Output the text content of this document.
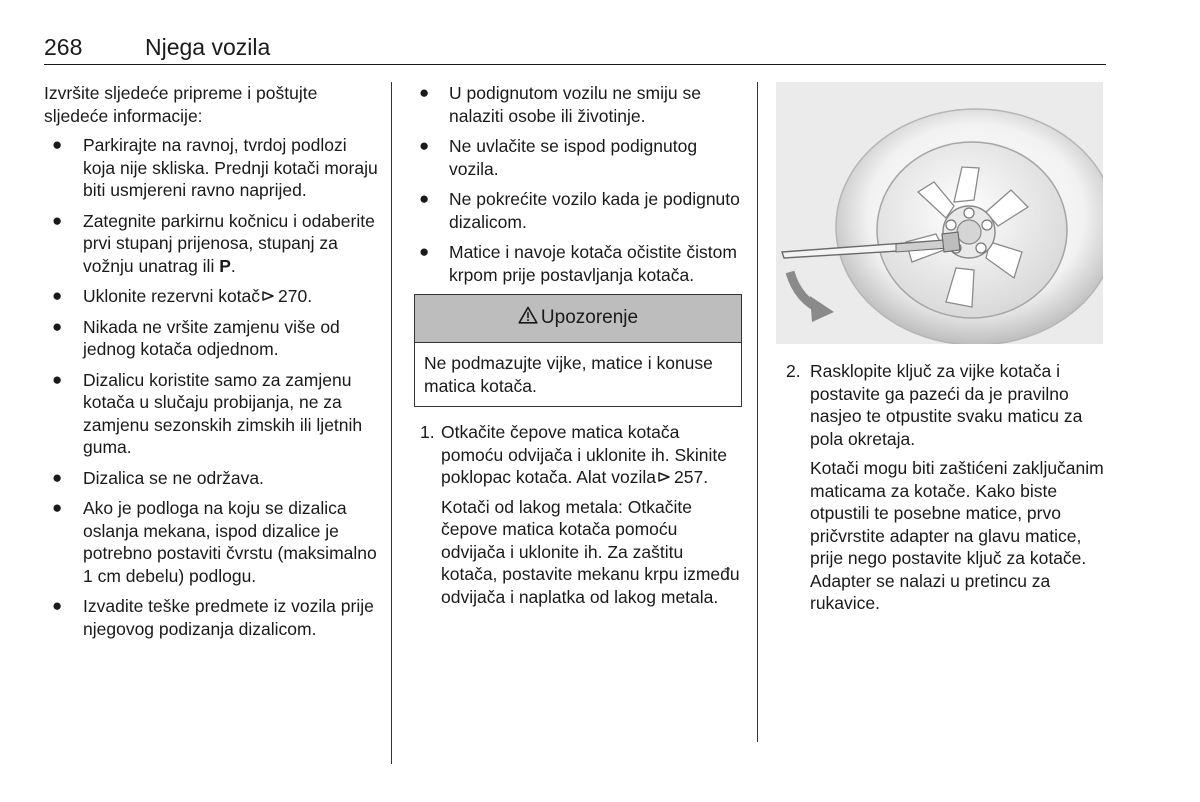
268	Njega vozila

Izvršite sljedeće pripreme i poštujte sljedeće informacije:

● Parkirajte na ravnoj, tvrdoj podlozi koja nije skliska. Prednji kotači moraju biti usmjereni ravno naprijed.
● Zategnite parkirnu kočnicu i odaberite prvi stupanj prijenosa, stupanj za vožnju unatrag ili P.
● Uklonite rezervni kotač 270.
● Nikada ne vršite zamjenu više od jednog kotača odjednom.
● Dizalicu koristite samo za zamjenu kotača u slučaju probijanja, ne za zamjenu sezonskih zimskih ili ljetnih guma.
● Dizalica se ne održava.
● Ako je podloga na koju se dizalica oslanja mekana, ispod dizalice je potrebno postaviti čvrstu (maksimalno 1 cm debelu) podlogu.
● Izvadite teške predmete iz vozila prije njegovog podizanja dizalicom.
● U podignutom vozilu ne smiju se nalaziti osobe ili životinje.
● Ne uvlačite se ispod podignutog vozila.
● Ne pokrećite vozilo kada je podignuto dizalicom.
● Matice i navoje kotača očistite čistom krpom prije postavljanja kotača.
Upozorenje
Ne podmazujte vijke, matice i konuse matica kotača.
1. Otkačite čepove matica kotača pomoću odvijača i uklonite ih. Skinite poklopac kotača. Alat vozila 257.

Kotači od lakog metala: Otkačite čepove matica kotača pomoću odvijača i uklonite ih. Za zaštitu kotača, postavite mekanu krpu između odvijača i naplatka od lakog metala.

2. Rasklopite ključ za vijke kotača i postavite ga pazeći da je pravilno nasjeo te otpustite svaku maticu za pola okretaja.

Kotači mogu biti zaštićeni zaključanim maticama za kotače. Kako biste otpustili te posebne matice, prvo pričvrstite adapter na glavu matice, prije nego postavite ključ za kotače. Adapter se nalazi u pretincu za rukavice.
